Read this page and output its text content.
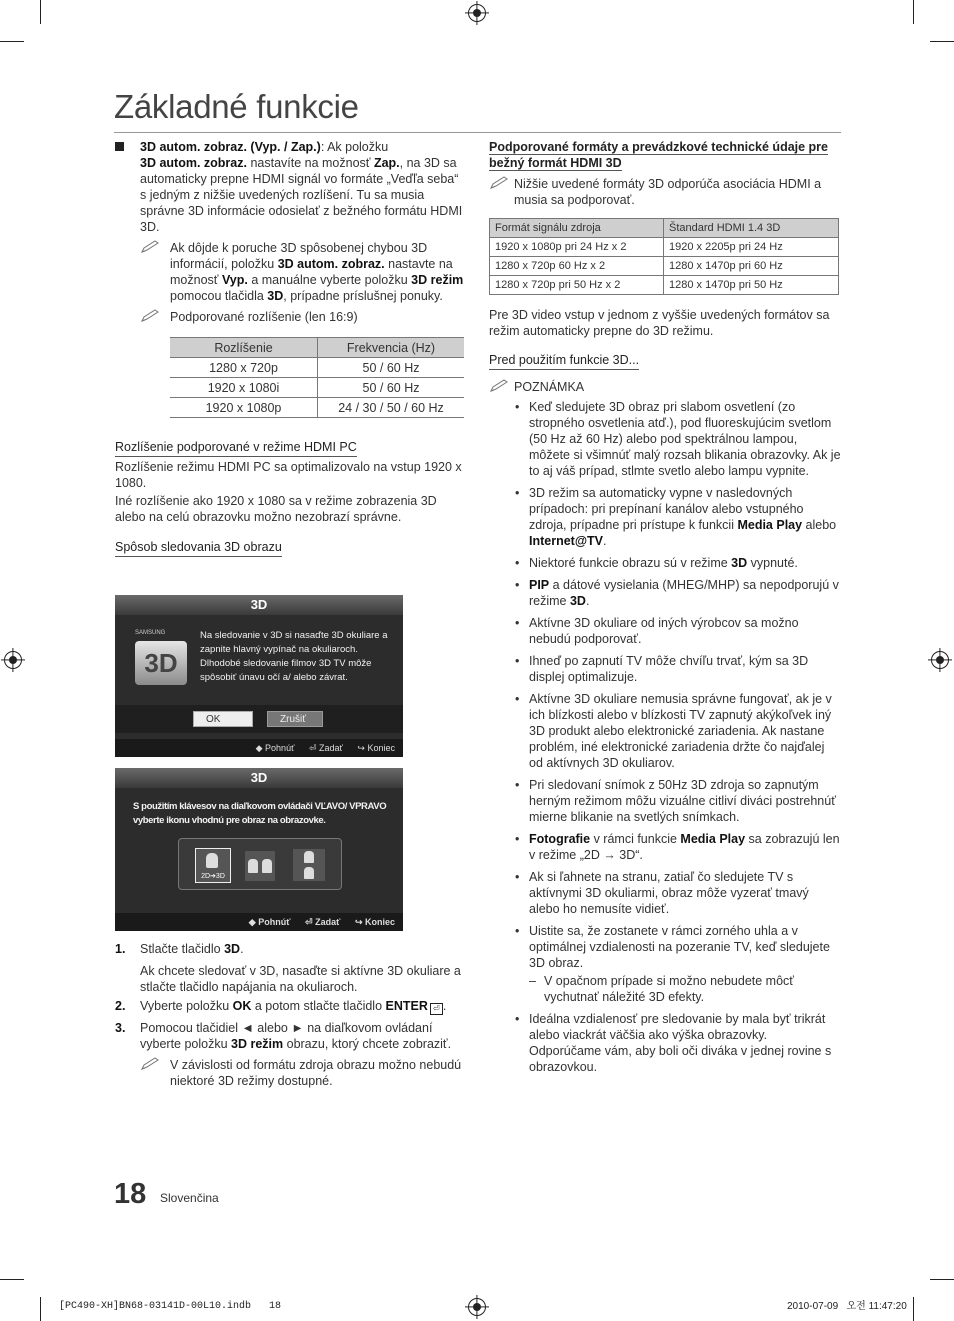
Základné funkcie
3D autom. zobraz. (Vyp. / Zap.): Ak položku
3D autom. zobraz. nastavíte na možnosť Zap., na 3D sa automaticky prepne HDMI signál vo formáte „Veďľa seba“ s jedným z nižšie uvedených rozlíšení. Tu sa musia správne 3D informácie odosielať z bežného formátu HDMI 3D.
Ak dôjde k poruche 3D spôsobenej chybou 3D informácií, položku 3D autom. zobraz. nastavte na možnosť Vyp. a manuálne vyberte položku 3D režim pomocou tlačidla 3D, prípadne príslušnej ponuky.
Podporované rozlíšenie (len 16:9)
Rozlíšenie	Frekvencia (Hz)
1280 x 720p	50 / 60 Hz
1920 x 1080i	50 / 60 Hz
1920 x 1080p	24 / 30 / 50 / 60 Hz
Rozlíšenie podporované v režime HDMI PC
Rozlíšenie režimu HDMI PC sa optimalizovalo na vstup 1920 x 1080.
Iné rozlíšenie ako 1920 x 1080 sa v režime zobrazenia 3D alebo na celú obrazovku možno nezobrazí správne.
Spôsob sledovania 3D obrazu
3D
SAMSUNG
3D
Na sledovanie v 3D si nasaďte 3D okuliare a zapnite hlavný vypínač na okuliaroch. Dlhodobé sledovanie filmov 3D TV môže spôsobiť únavu očí a/ alebo závrat.
OK	Zrušiť
◆ Pohnúť ⏎ Zadať ↪ Koniec
3D
S použitím klávesov na diaľkovom ovládači VĽAVO/ VPRAVO vyberte ikonu vhodnú pre obraz na obrazovke.
2D➔3D
◆ Pohnúť ⏎ Zadať ↪ Koniec
1. Stlačte tlačidlo 3D.
Ak chcete sledovať v 3D, nasaďte si aktívne 3D okuliare a stlačte tlačidlo napájania na okuliaroch.
2. Vyberte položku OK a potom stlačte tlačidlo ENTER ⏎ .
3. Pomocou tlačidiel ◄ alebo ► na diaľkovom ovládaní vyberte položku 3D režim obrazu, ktorý chcete zobraziť.
V závislosti od formátu zdroja obrazu možno nebudú niektoré 3D režimy dostupné.
Podporované formáty a prevádzkové technické údaje pre bežný formát HDMI 3D
Nižšie uvedené formáty 3D odporúča asociácia HDMI a musia sa podporovať.
Formát signálu zdroja	Štandard HDMI 1.4 3D
1920 x 1080p pri 24 Hz x 2	1920 x 2205p pri 24 Hz
1280 x 720p 60 Hz x 2	1280 x 1470p pri 60 Hz
1280 x 720p pri 50 Hz x 2	1280 x 1470p pri 50 Hz
Pre 3D video vstup v jednom z vyššie uvedených formátov sa režim automaticky prepne do 3D režimu.
Pred použitím funkcie 3D...
POZNÁMKA
• Keď sledujete 3D obraz pri slabom osvetlení (zo stropného osvetlenia atď.), pod fluoreskujúcim svetlom (50 Hz až 60 Hz) alebo pod spektrálnou lampou, môžete si všimnúť malý rozsah blikania obrazovky. Ak je to aj váš prípad, stlmte svetlo alebo lampu vypnite.
• 3D režim sa automaticky vypne v nasledovných prípadoch: pri prepínaní kanálov alebo vstupného zdroja, prípadne pri prístupe k funkcii Media Play alebo Internet@TV.
• Niektoré funkcie obrazu sú v režime 3D vypnuté.
• PIP a dátové vysielania (MHEG/MHP) sa nepodporujú v režime 3D.
• Aktívne 3D okuliare od iných výrobcov sa možno nebudú podporovať.
• Ihneď po zapnutí TV môže chvíľu trvať, kým sa 3D displej optimalizuje.
• Aktívne 3D okuliare nemusia správne fungovať, ak je v ich blízkosti alebo v blízkosti TV zapnutý akýkoľvek iný 3D produkt alebo elektronické zariadenia. Ak nastane problém, iné elektronické zariadenia držte čo najďalej od aktívnych 3D okuliarov.
• Pri sledovaní snímok z 50Hz 3D zdroja so zapnutým herným režimom môžu vizuálne citliví diváci postrehnúť mierne blikanie na svetlých snímkach.
• Fotografie v rámci funkcie Media Play sa zobrazujú len v režime „2D → 3D“.
• Ak si ľahnete na stranu, zatiaľ čo sledujete TV s aktívnymi 3D okuliarmi, obraz môže vyzerať tmavý alebo ho nemusíte vidieť.
• Uistite sa, že zostanete v rámci zorného uhla a v optimálnej vzdialenosti na pozeranie TV, keď sledujete 3D obraz.
– V opačnom prípade si možno nebudete môcť vychutnať náležité 3D efekty.
• Ideálna vzdialenosť pre sledovanie by mala byť trikrát alebo viackrát väčšia ako výška obrazovky. Odporúčame vám, aby boli oči diváka v jednej rovine s obrazovkou.
18 Slovenčina
[PC490-XH]BN68-03141D-00L10.indb   18	2010-07-09   오전 11:47:20
